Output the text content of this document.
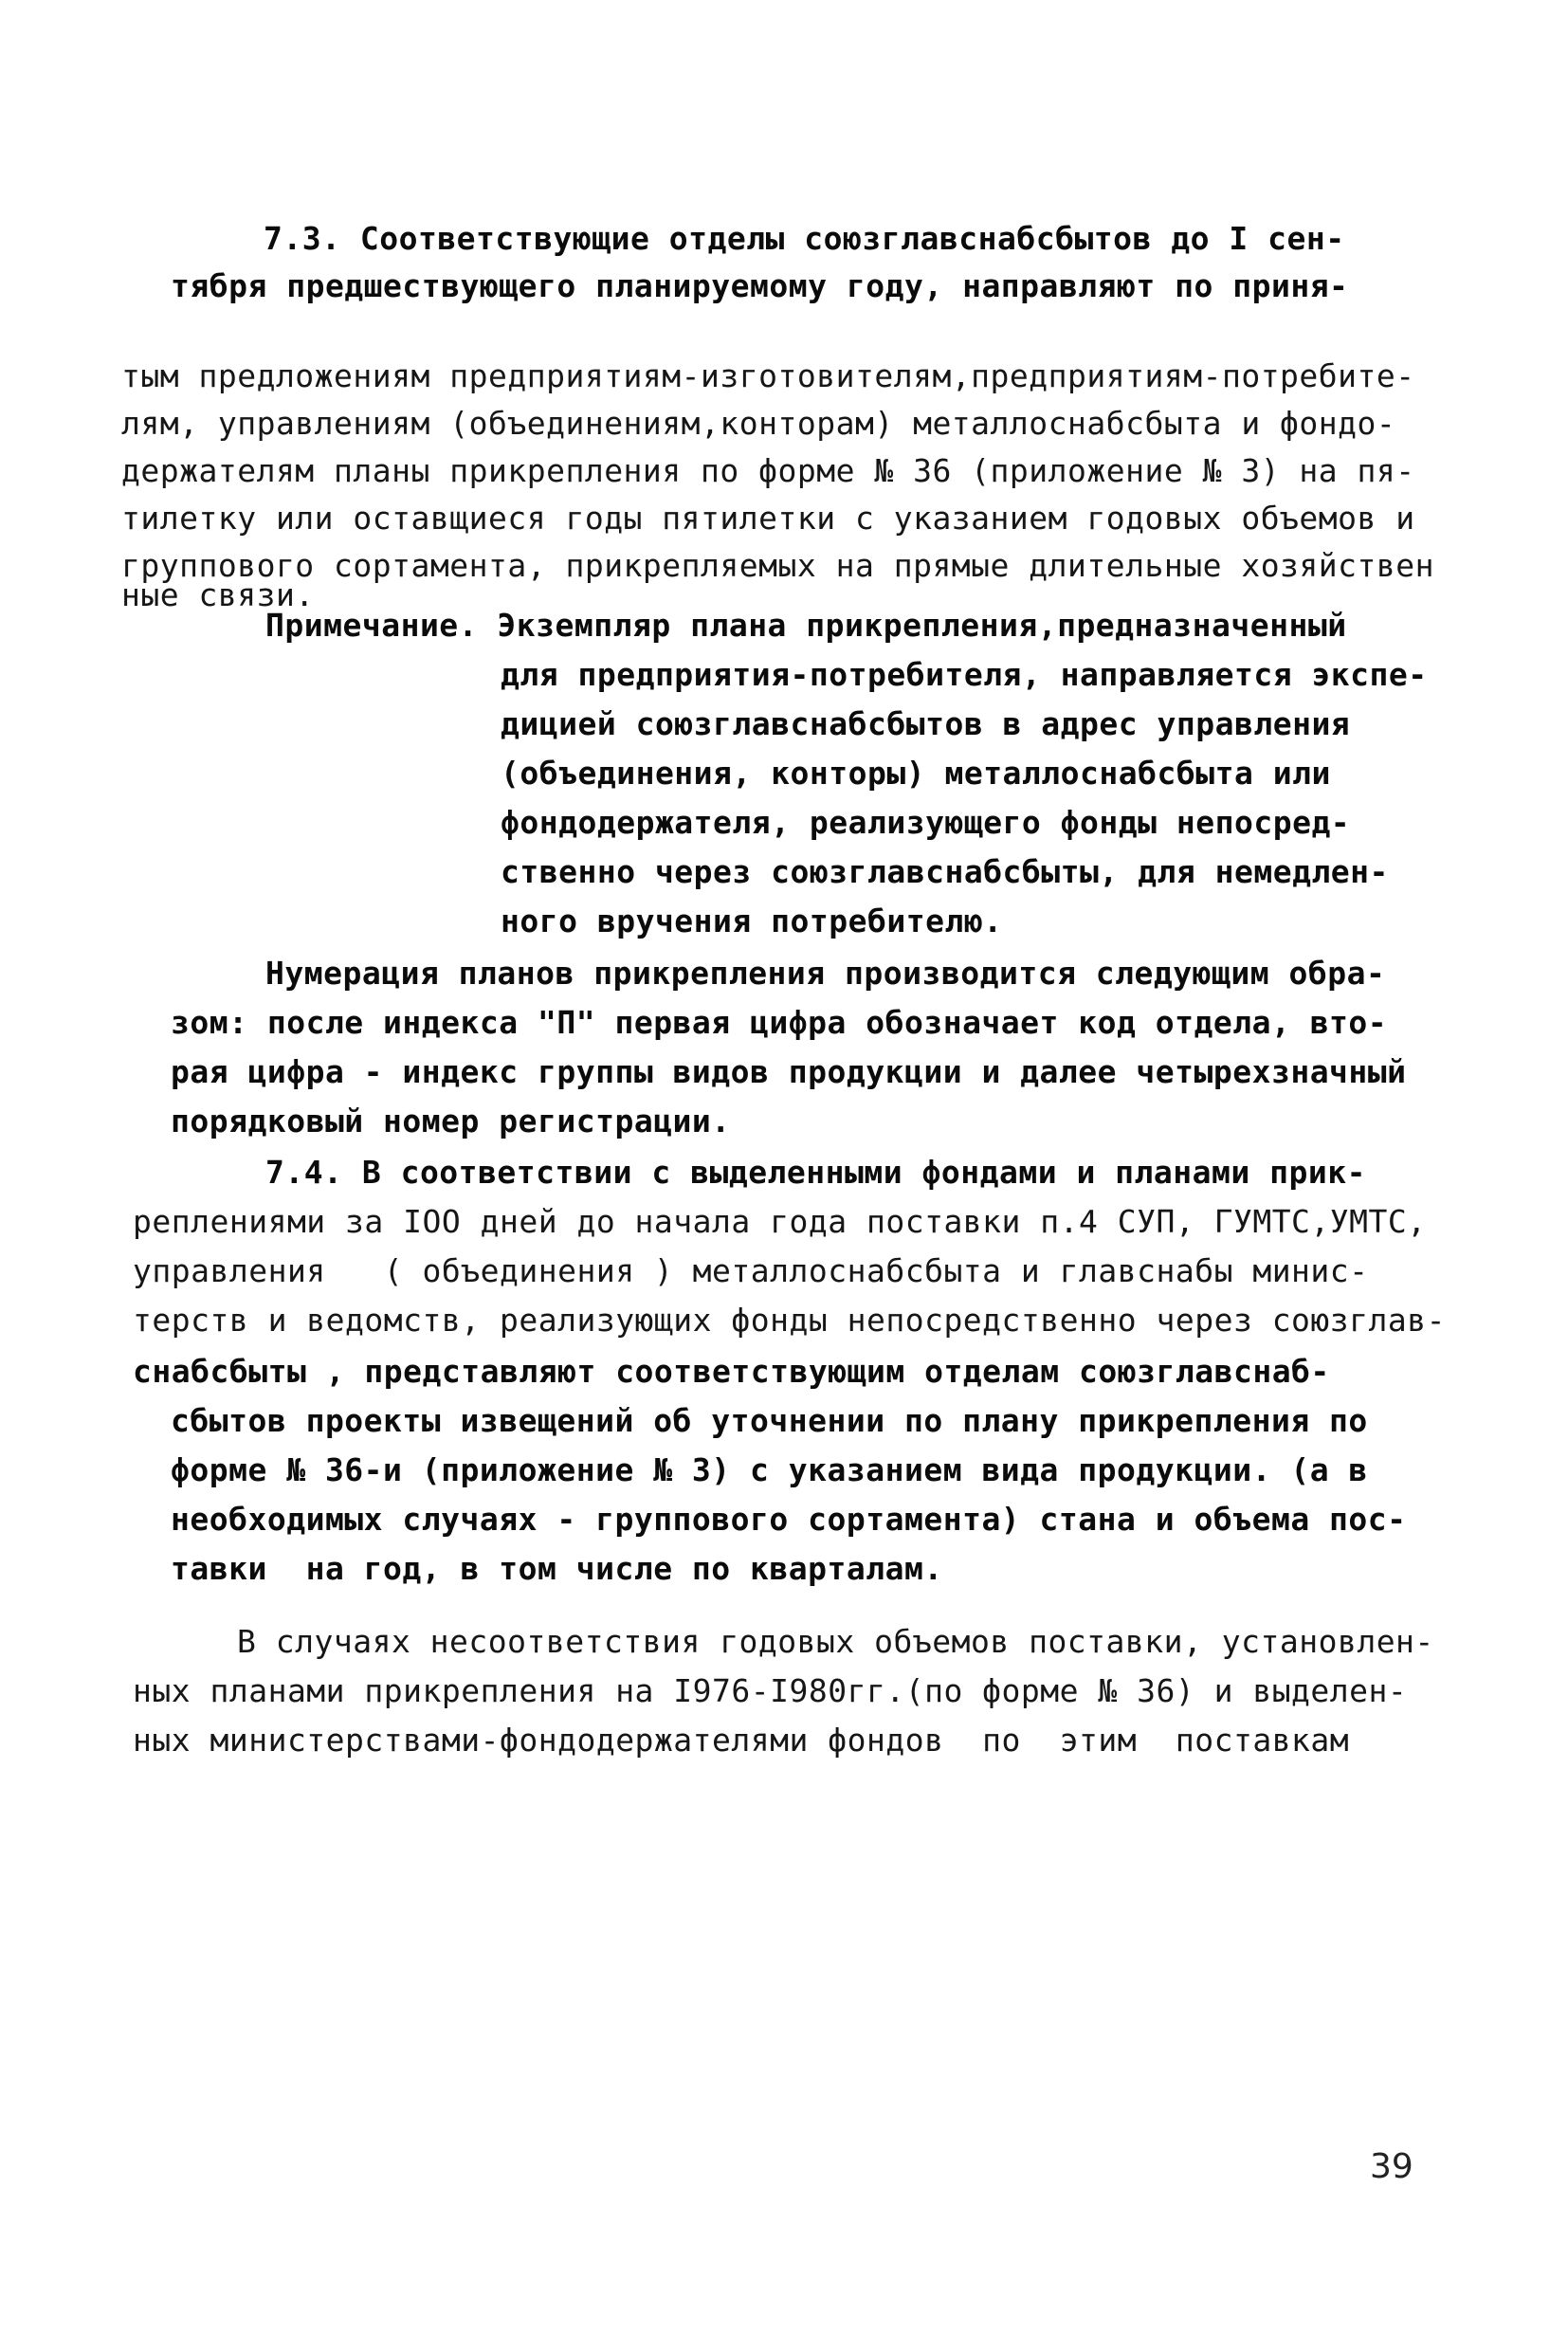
7.3. Соответствующие отделы союзглавснабсбытов до I сен-
тября предшествующего планируемому году, направляют по приня-
тым предложениям предприятиям-изготовителям,предприятиям-потребите-
лям, управлениям (объединениям,конторам) металлоснабсбыта и фондо-
держателям планы прикрепления по форме № 36 (приложение № 3) на пя-
тилетку или оставщиеся годы пятилетки с указанием годовых объемов и
группового сортамента, прикрепляемых на прямые длительные хозяйствен
ные связи.
Примечание. Экземпляр плана прикрепления,предназначенный
для предприятия-потребителя, направляется экспе-
дицией союзглавснабсбытов в адрес управления
(объединения, конторы) металлоснабсбыта или
фондодержателя, реализующего фонды непосред-
ственно через союзглавснабсбыты, для немедлен-
ного вручения потребителю.
Нумерация планов прикрепления производится следующим обра-
зом: после индекса "П" первая цифра обозначает код отдела, вто-
рая цифра - индекс группы видов продукции и далее четырехзначный
порядковый номер регистрации.
7.4. В соответствии с выделенными фондами и планами прик-
реплениями за IOO дней до начала года поставки п.4 СУП, ГУМТС,УМТС,
управления   ( объединения ) металлоснабсбыта и главснабы минис-
терств и ведомств, реализующих фонды непосредственно через союзглав-
снабсбыты , представляют соответствующим отделам союзглавснаб-
сбытов проекты извещений об уточнении по плану прикрепления по
форме № 36-и (приложение № 3) с указанием вида продукции. (а в
необходимых случаях - группового сортамента) стана и объема пос-
тавки  на год, в том числе по кварталам.
В случаях несоответствия годовых объемов поставки, установлен-
ных планами прикрепления на I976-I980гг.(по форме № 36) и выделен-
ных министерствами-фондодержателями фондов  по  этим  поставкам
39
